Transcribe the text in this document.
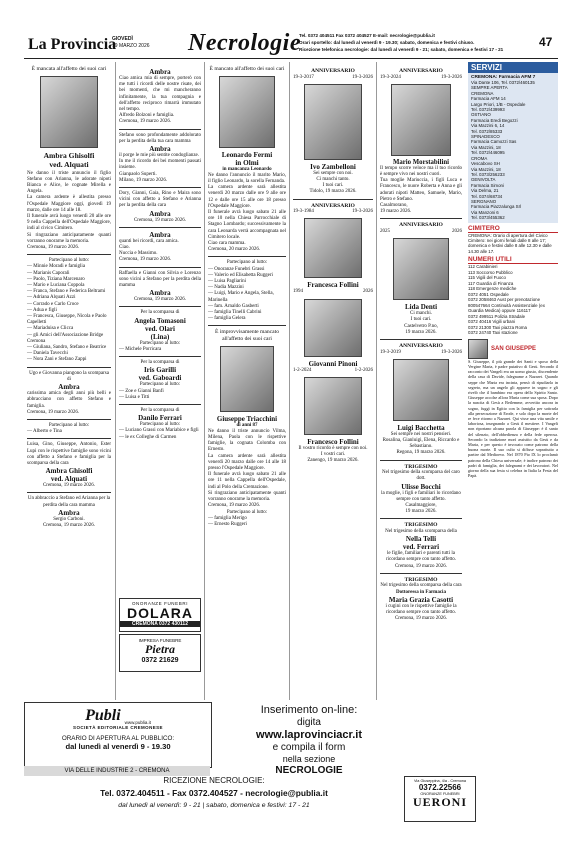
La Provincia
GIOVEDÌ
19 MARZO 2026 Necrologie
Tel. 0372 404511 Fax 0372 404527 E-mail: necrologie@publia.it
Orari sportello: dal lunedì al venerdì 9 - 19.30; sabato, domenica e festivi chiuso.
Ricezione telefonica necrologie: dal lunedì al venerdì 9 - 21; sabato, domenica e festivi 17 - 21
47
È mancata all'affetto dei suoi cari
Ambra Ghisolfi
ved. Alquati
Ne danno il triste annuncio il figlio Stefano con Arianna, le adorate nipoti Bianca e Alice, le cognate Mirella e Angela.
La camera ardente è allestita presso l'Ospedale Maggiore oggi, giovedì 19 marzo, dalle ore 14 alle 18.
Il funerale avrà luogo venerdì 20 alle ore 9 nella Cappella dell'Ospedale Maggiore, indi al civico Cimitero.
Si ringraziano anticipatamente quanti vorranno onorarne la memoria.
Cremona, 19 marzo 2026.
Partecipano al lutto:
— Minnie Moradi e famiglia
— Marianis Caporali
— Paolo, Tiziana Marcenaro
— Mario e Luciana Coppola
— Franca, Stefano e Federica Beltrami
— Adriana Alquati Azzi
— Corrado e Carlo Croce
— Adua e figli
— Francesca, Giuseppe, Nicola e Paolo Capelletti
— Mariaduisa e Clicca
— gli Amici dell'Associazione Bridge Cremona
— Giuliana, Sandro, Stefano e Beatrice
— Daniela Tavecchi
— Nora Zani e Stefano Zappi
Ugo e Giovanna piangono la scomparsa di
Ambra
carissima amica degli anni più belli e abbracciano con affetto Stefano e famiglia.
Cremona, 19 marzo 2026.
Partecipano al lutto:
— Alberto e Tina
Luisa, Gino, Giuseppe, Antonio, Ester Lupi con le rispettive famiglie sono vicini con affetto a Stefano e famiglia per la scomparsa della cara
Ambra Ghisolfi
ved. Alquati
Cremona, 19 marzo 2026.
Un abbraccio a Stefano ed Arianna per la perdita della cara mamma
Ambra
Sergio Carboni.
Cremona, 19 marzo 2026.
Ambra
Ciao amica mia di sempre, porterò con me tutti i ricordi delle nostre risate, dei bei momenti, che mi mancheranno infinitamente, la tua compagnia e dell'affetto reciproco rimarrà immutato nel tempo.
Alfredo Bolzoni e famiglia.
Cremona, 19 marzo 2026.
Stefano sono profondamente addolorato per la perdita della tua cara mamma
Ambra
il porge le mie più sentite condoglianze.
In me il ricordo dei bei momenti passati insieme.
Gianpaolo Superti.
Milano, 19 marzo 2026.
Dory, Gianni, Gaia, Rino e Maira sono vicini con affetto a Stefano e Arianna per la perdita della cara
Ambra
Cremona, 19 marzo 2026.
Ambra
quanti bei ricordi, cara amica.
Ciao.
Nuccia e Massimo.
Cremona, 19 marzo 2026.
Raffaella e Gianni con Silvia e Lorenzo sono vicini a Stefano per la perdita della mamma
Ambra
Cremona, 19 marzo 2026.
Per la scomparsa di
Angela Tomasoni
ved. Olari
(Lina)
Partecipano al lutto:
— Michele Porricara
Per la scomparsa di
Iris Garilli
ved. Gaboardi
Partecipano al lutto:
— Zoe e Gianni Banfi
— Luisa e Titti
Per la scomparsa di
Danilo Ferrari
Partecipano al lutto:
— Luciano Grassi con Mariabice e figli
— le ex Colleghe di Carmen
ONORANZE FUNEBRI
DOLARA
CREMONA 0372 430112
IMPRESA FUNEBRE
Pietra
0372 21629
È mancato all'affetto dei suoi cari
Leonardo Fermi
in Olmi
in mancanza Leonardo
Ne danno l'annuncio il marito Mario, il figlio Leonardo, la sorella Fernanda.
La camera ardente sarà allestita venerdì 20 marzo dalle ore 9 alle ore 12 e dalle ore 15 alle ore 18 presso l'Ospedale Maggiore.
Il funerale avrà luogo sabato 21 alle ore 10 nella Chiesa Parrocchiale di Stagno Lombardo; successivamente la cara Leonarda verrà accompagnata nel Cimitero locale.
Ciao cara mamma.
Cremona, 20 marzo 2026.
Partecipano al lutto:
— Onoranze Funebri Grassi
— Valerio ed Elisabetta Ruggeri
— Luisa Pagliarini
— Nadia Mazzini
— Luigi, Mario e Angela, Stella, Marinella
— fam. Arnaldo Gasberti
— famiglia Tinelli Cabrini
— famiglia Gelera
È improvvisamente mancato all'affetto dei suoi cari
Giuseppe Triacchini
di anni 87
Ne danno il triste annuncio Vilma, Milena, Paola con le rispettive famiglie, la cognata Colomba con Ernesto.
La camera ardente sarà allestita venerdì 20 marzo dalle ore 14 alle 18 presso l'Ospedale Maggiore.
Il funerale avrà luogo sabato 21 alle ore 11 nella Cappella dell'Ospedale, indi al Polo della Cremazione.
Si ringraziano anticipatamente quanti vorranno onorarne la memoria.
Cremona, 19 marzo 2026.
Partecipano al lutto:
— famiglia Merigo
— Ernesto Ruggeri
ANNIVERSARIO
19-3-2017	19-3-2026
Ivo Zambelloni
Sei sempre con noi.
Ci manchi tanto.
I tuoi cari.
Tidolo, 19 marzo 2026.
ANNIVERSARIO
19-3-1984	19-3-2026
Francesca Follini
1994	2026
Giovanni Pinoni
1-2-2024	1-2-2026
Francesco Follini
Il vostro ricordo è sempre con noi.
I vostri cari.
Zanengo, 19 marzo 2026.
ANNIVERSARIO
19-3-2024	19-3-2026
Mario Morstabilini
Il tempo scorre veloce ma il tuo ricordo è sempre vivo nei nostri cuori.
Tua moglie Mariuccia, i figli Luca e Francesco, le nuore Roberta e Anna e gli adorati nipoti Matteo, Samuele, Mario, Pietro e Stefano.
Casalmorano,
19 marzo 2026.
ANNIVERSARIO
2025	2026
Lida Denti
Ci manchi.
I tuoi cari.
Castelvetro P.no,
19 marzo 2026.
ANNIVERSARIO
19-3-2019	19-3-2026
Luigi Bacchetta
Sei sempre nei nostri pensieri.
Rosalina, Gianluigi, Elena, Riccardo e Sebastiano.
Regona, 19 marzo 2026.
TRIGESIMO
Nel trigesimo della scomparsa del caro
dott.
Ulisse Bocchi
la moglie, i figli e familiari lo ricordano sempre con tanto affetto.
Casalmaggiore,
19 marzo 2026.
TRIGESIMO
Nel trigesimo della scomparsa della
Nella Telli
ved. Ferrari
le figlie, familiari e parenti tutti la ricordano sempre con tanto affetto.
Cremona, 19 marzo 2026.
TRIGESIMO
Nel trigesimo della scomparsa della cara
Dottoressa in Farmacia
Maria Grazia Casotti
i cugini con le rispettive famiglie la ricordano sempre con tanto affetto.
Cremona, 19 marzo 2026.
SERVIZI
CREMONA: Farmacia AFM 7
Via Dante 106, Tel. 0372/460135
SEMPRE APERTA
CREMONA
Farmacia AFM 14
Largo Priori, 1/B - Ospedale
Tel. 0372/439993
OSTIANO
Farmacia Eredi Begozzi
Via Mazzini 6, 14
Tel. 0372/85333
SPINADESCO
Farmacia Camozzi Sas
Via Mazzini, 18
Tel. 0372/446095
CROMA
Vescabovo SH
Via Mazzini, 18
Tel. 0373/256233
GENIVOLTA
Farmacia Simoni
Via Delma, 21
Tel. 0374/68734
SERGNANO
Farmacia Piazzalunga Srl
Via Manzoni 6
Tel. 0373/455362
CIMITERO
CREMONA: Orario di apertura del Civico Cimitero: nei giorni feriali dalle 8 alle 17; domenica e festivi dalle 8 alle 12.30 e dalle 14.30 alle 17.
NUMERI UTILI
112 Carabinieri
113 Soccorso Pubblico
115 Vigili del Fuoco
117 Guardia di Finanza
118 Emergenze mediche
0372 4051 Ospedale
0372 2058463 Aust per prenotazione
800547664 Continuità Assistenziale (ex Guardia Medica) oppure 116117
0372 499511 Polizia Stradale
0372 40416 Vigili urbani
0372 21300 Taxi piazza Roma
0372 24740 Taxi stazione
SAN GIUSEPPE
S. Giuseppe, il più grande dei Santi e sposo della Vergine Maria, è padre putativo di Gesù. Secondo il racconto dei Vangeli era un uomo giusto, discendente della casa di Davide, falegname a Nazaret. Quando seppe che Maria era incinta, pensò di ripudiarla in segreto, ma un angelo gli apparve in sogno e gli rivelò che il bambino era opera dello Spirito Santo. Giuseppe accolse allora Maria come sua sposa. Dopo la nascita di Gesù a Betlemme, avvertito ancora in sogno, fuggì in Egitto con la famiglia per sottrarla alla persecuzione di Erode, e solo dopo la morte del re fece ritorno a Nazaret. Qui visse una vita umile e laboriosa, insegnando a Gesù il mestiere. I Vangeli non riportano alcuna parola di Giuseppe: è il santo del silenzio, dell'obbedienza e della fede operosa. Secondo la tradizione morì assistito da Gesù e da Maria, e per questo è invocato come patrono della buona morte. Il suo culto si diffuse soprattutto a partire dal Medioevo. Nel 1870 Pio IX lo proclamò patrono della Chiesa universale; è inoltre patrono dei padri di famiglia, dei falegnami e dei lavoratori. Nel giorno della sua festa si celebra in Italia la Festa del Papà.
Via Giuseppina, 4/a - Cremona
0372.22566
ONORANZE FUNEBRI
UERONI
Publi www.publia.it
SOCIETÀ EDITORIALE CREMONESE
ORARIO DI APERTURA AL PUBBLICO:
dal lunedì al venerdì 9 - 19.30
VIA DELLE INDUSTRIE 2 - CREMONA
Inserimento on-line:
digita
www.laprovinciacr.it
e compila il form
nella sezione
NECROLOGIE
RICEZIONE NECROLOGIE:
Tel. 0372.404511 - Fax 0372.404527 - necrologie@publia.it
dal lunedì al venerdì: 9 - 21 | sabato, domenica e festivi: 17 - 21
